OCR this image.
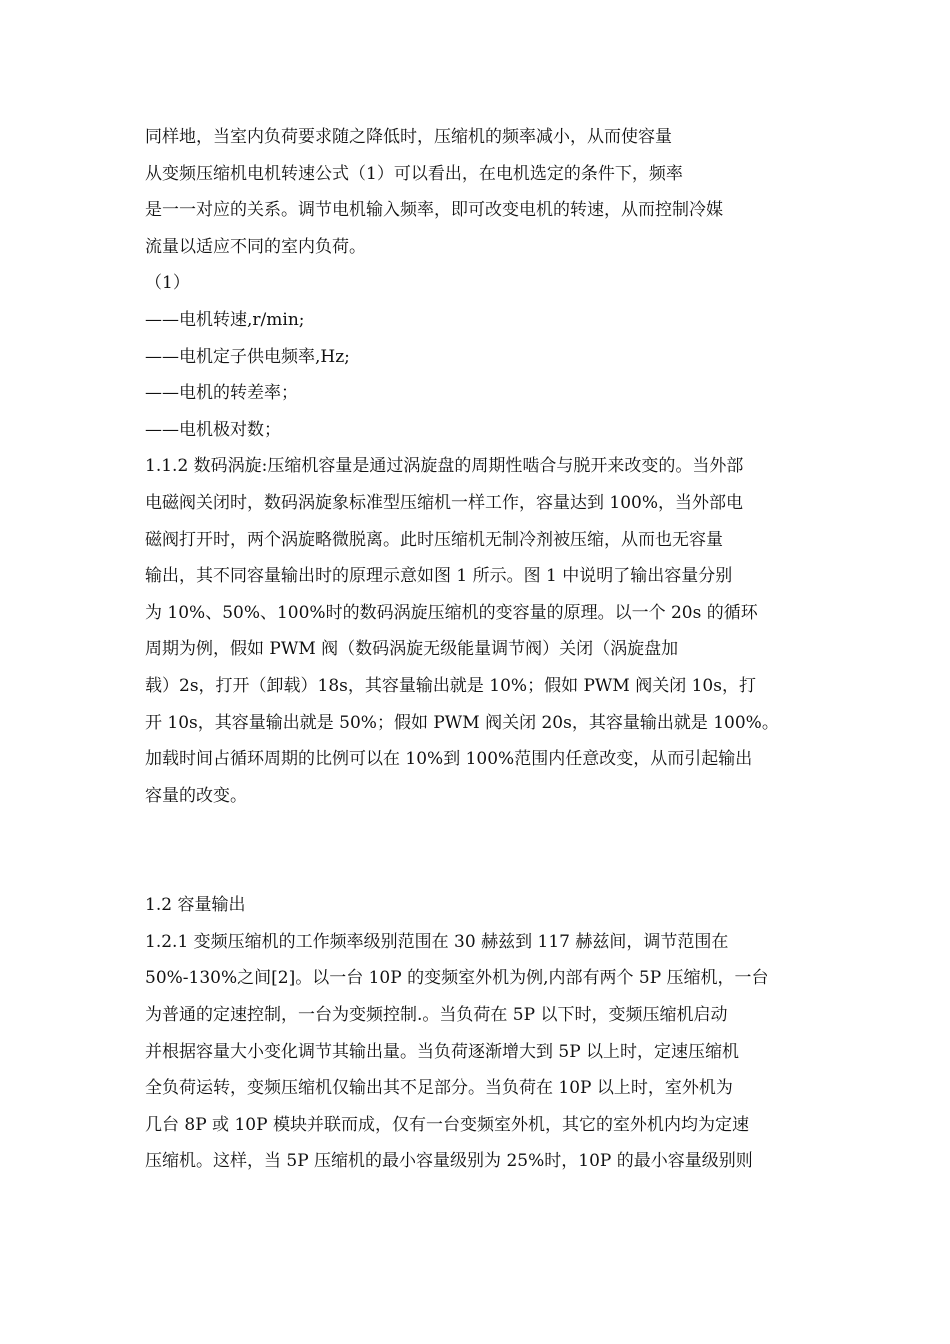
同样地，当室内负荷要求随之降低时，压缩机的频率减小，从而使容量
从变频压缩机电机转速公式（1）可以看出，在电机选定的条件下，频率
是一一对应的关系。调节电机输入频率，即可改变电机的转速，从而控制冷媒
流量以适应不同的室内负荷。
（1）
——电机转速,r/min;
——电机定子供电频率,Hz;
——电机的转差率；
——电机极对数；
1.1.2 数码涡旋:压缩机容量是通过涡旋盘的周期性啮合与脱开来改变的。当外部
电磁阀关闭时，数码涡旋象标准型压缩机一样工作，容量达到 100%，当外部电
磁阀打开时，两个涡旋略微脱离。此时压缩机无制冷剂被压缩，从而也无容量
输出，其不同容量输出时的原理示意如图 1 所示。图 1 中说明了输出容量分别
为 10%、50%、100%时的数码涡旋压缩机的变容量的原理。以一个 20s 的循环
周期为例，假如 PWM 阀（数码涡旋无级能量调节阀）关闭（涡旋盘加
载）2s，打开（卸载）18s，其容量输出就是 10%；假如 PWM 阀关闭 10s，打
开 10s，其容量输出就是 50%；假如 PWM 阀关闭 20s，其容量输出就是 100%。
加载时间占循环周期的比例可以在 10%到 100%范围内任意改变，从而引起输出
容量的改变。
1.2 容量输出
1.2.1 变频压缩机的工作频率级别范围在 30 赫兹到 117 赫兹间，调节范围在
50%-130%之间[2]。以一台 10P 的变频室外机为例,内部有两个 5P 压缩机，一台
为普通的定速控制，一台为变频控制.。当负荷在 5P 以下时，变频压缩机启动
并根据容量大小变化调节其输出量。当负荷逐渐增大到 5P 以上时，定速压缩机
全负荷运转，变频压缩机仅输出其不足部分。当负荷在 10P 以上时，室外机为
几台 8P 或 10P 模块并联而成，仅有一台变频室外机，其它的室外机内均为定速
压缩机。这样，当 5P 压缩机的最小容量级别为 25%时，10P 的最小容量级别则
